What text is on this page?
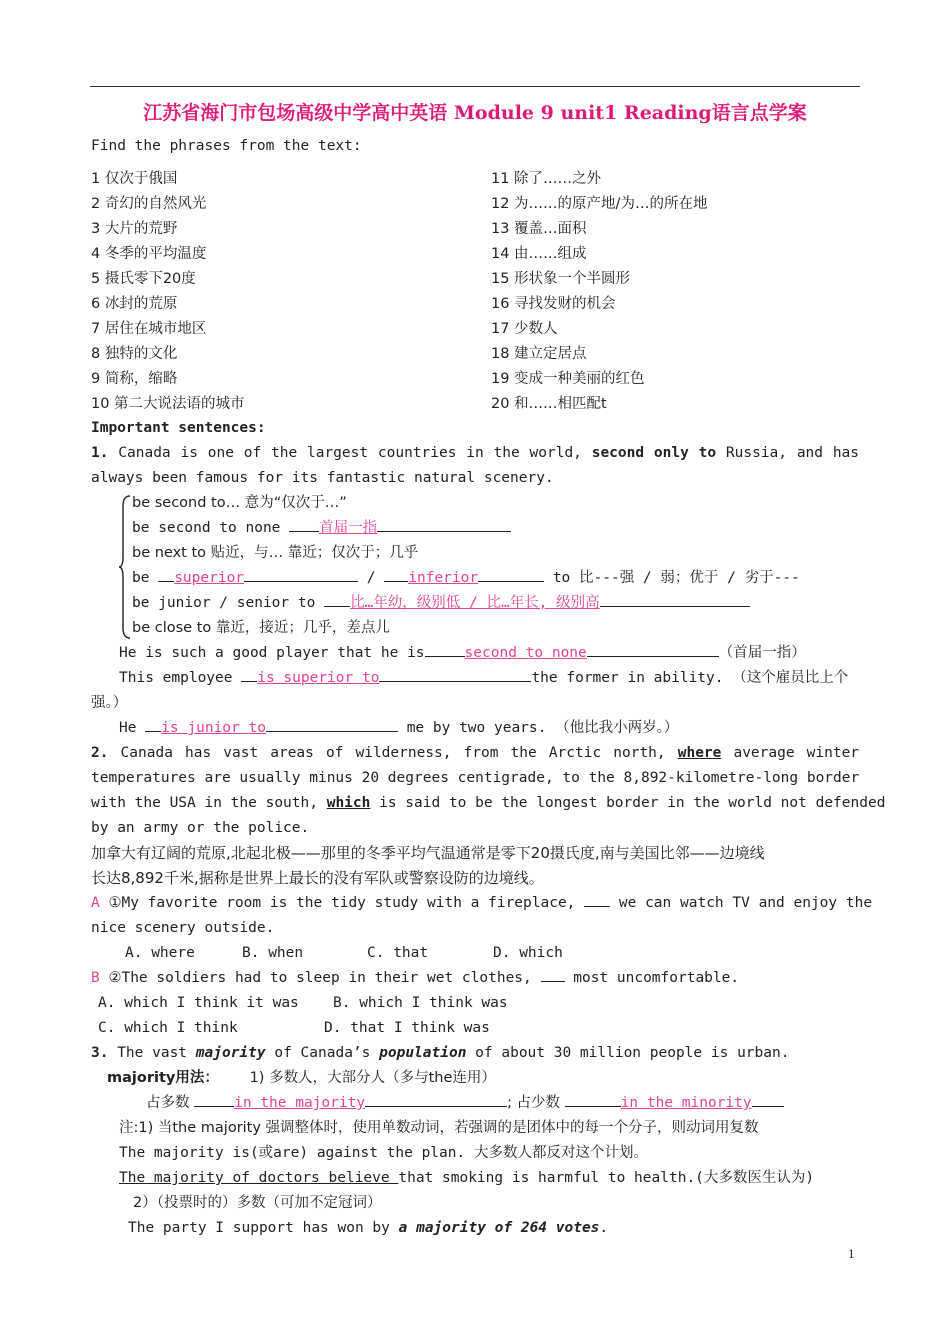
江苏省海门市包场高级中学高中英语 Module 9 unit1 Reading语言点学案
Find the phrases from the text:
1 仅次于俄国
2 奇幻的自然风光
3 大片的荒野
4 冬季的平均温度
5 摄氏零下20度
6 冰封的荒原
7 居住在城市地区
8 独特的文化
9 简称，缩略
10 第二大说法语的城市
11 除了……之外
12 为……的原产地/为…的所在地
13 覆盖…面积
14 由……组成
15 形状象一个半圆形
16 寻找发财的机会
17 少数人
18 建立定居点
19 变成一种美丽的红色
20 和……相匹配t
Important sentences:
1. Canada is one of the largest countries in the world, second only to Russia, and has
always been famous for its fantastic natural scenery.
be second to… 意为“仅次于…”
be second to none 首届一指
be next to 贴近，与… 靠近；仅次于；几乎
be superior	/ inferior	to 比---强 / 弱；优于 / 劣于---
be junior / senior to 比…年幼，级别低 / 比…年长, 级别高
be close to 靠近，接近；几乎，差点儿
He is such a good player that he is	second to none	（首届一指）
This employee is superior to	the former in ability. （这个雇员比上个
强。）
He is junior to	me by two years. （他比我小两岁。）
2. Canada has vast areas of wilderness, from the Arctic north, where average winter
temperatures are usually minus 20 degrees centigrade, to the 8,892-kilometre-long border
with the USA in the south, which is said to be the longest border in the world not defended
by an army or the police.
加拿大有辽阔的荒原,北起北极——那里的冬季平均气温通常是零下20摄氏度,南与美国比邻——边境线
长达8,892千米,据称是世界上最长的没有军队或警察设防的边境线。
A ①My favorite room is the tidy study with a fireplace,	we can watch TV and enjoy the
nice scenery outside.
A. where	B. when	C. that	D. which
B ②The soldiers had to sleep in their wet clothes,	most uncomfortable.
A. which I think it was B. which I think was
C. which I think	D. that I think was
3. The vast majority of Canada’s population of about 30 million people is urban.
majority用法： 1) 多数人，大部分人（多与the连用）
占多数	in the majority	; 占少数	in the minority
注:1) 当the majority 强调整体时，使用单数动词，若强调的是团体中的每一个分子，则动词用复数
The majority is(或are) against the plan. 大多数人都反对这个计划。
The majority of doctors believe that smoking is harmful to health.(大多数医生认为)
2）（投票时的）多数（可加不定冠词）
The party I support has won by a majority of 264 votes.
1
